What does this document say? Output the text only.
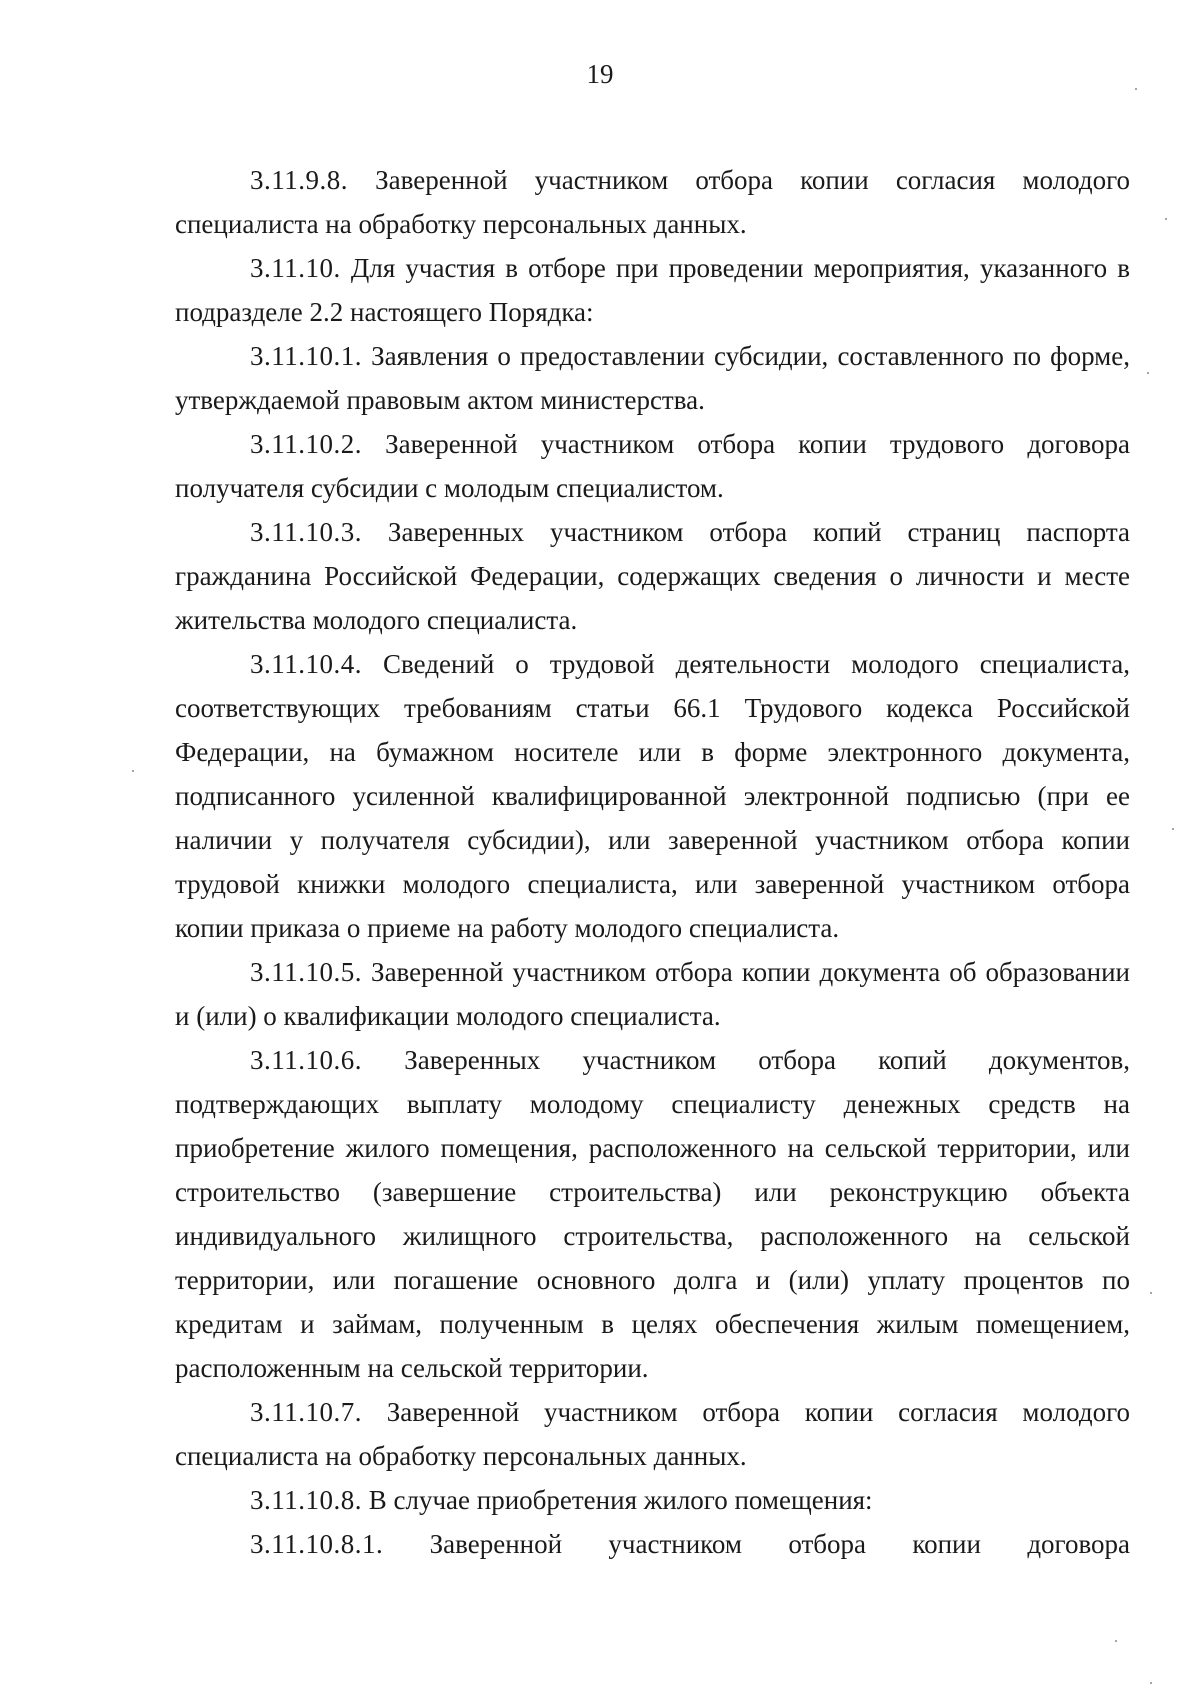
19

3.11.9.8. Заверенной участником отбора копии согласия молодого специалиста на обработку персональных данных.

3.11.10. Для участия в отборе при проведении мероприятия, указанного в подразделе 2.2 настоящего Порядка:

3.11.10.1. Заявления о предоставлении субсидии, составленного по форме, утверждаемой правовым актом министерства.

3.11.10.2. Заверенной участником отбора копии трудового договора получателя субсидии с молодым специалистом.

3.11.10.3. Заверенных участником отбора копий страниц паспорта гражданина Российской Федерации, содержащих сведения о личности и месте жительства молодого специалиста.

3.11.10.4. Сведений о трудовой деятельности молодого специалиста, соответствующих требованиям статьи 66.1 Трудового кодекса Российской Федерации, на бумажном носителе или в форме электронного документа, подписанного усиленной квалифицированной электронной подписью (при ее наличии у получателя субсидии), или заверенной участником отбора копии трудовой книжки молодого специалиста, или заверенной участником отбора копии приказа о приеме на работу молодого специалиста.

3.11.10.5. Заверенной участником отбора копии документа об образовании и (или) о квалификации молодого специалиста.

3.11.10.6. Заверенных участником отбора копий документов, подтверждающих выплату молодому специалисту денежных средств на приобретение жилого помещения, расположенного на сельской территории, или строительство (завершение строительства) или реконструкцию объекта индивидуального жилищного строительства, расположенного на сельской территории, или погашение основного долга и (или) уплату процентов по кредитам и займам, полученным в целях обеспечения жилым помещением, расположенным на сельской территории.

3.11.10.7. Заверенной участником отбора копии согласия молодого специалиста на обработку персональных данных.

3.11.10.8. В случае приобретения жилого помещения:

3.11.10.8.1. Заверенной участником отбора копии договора
